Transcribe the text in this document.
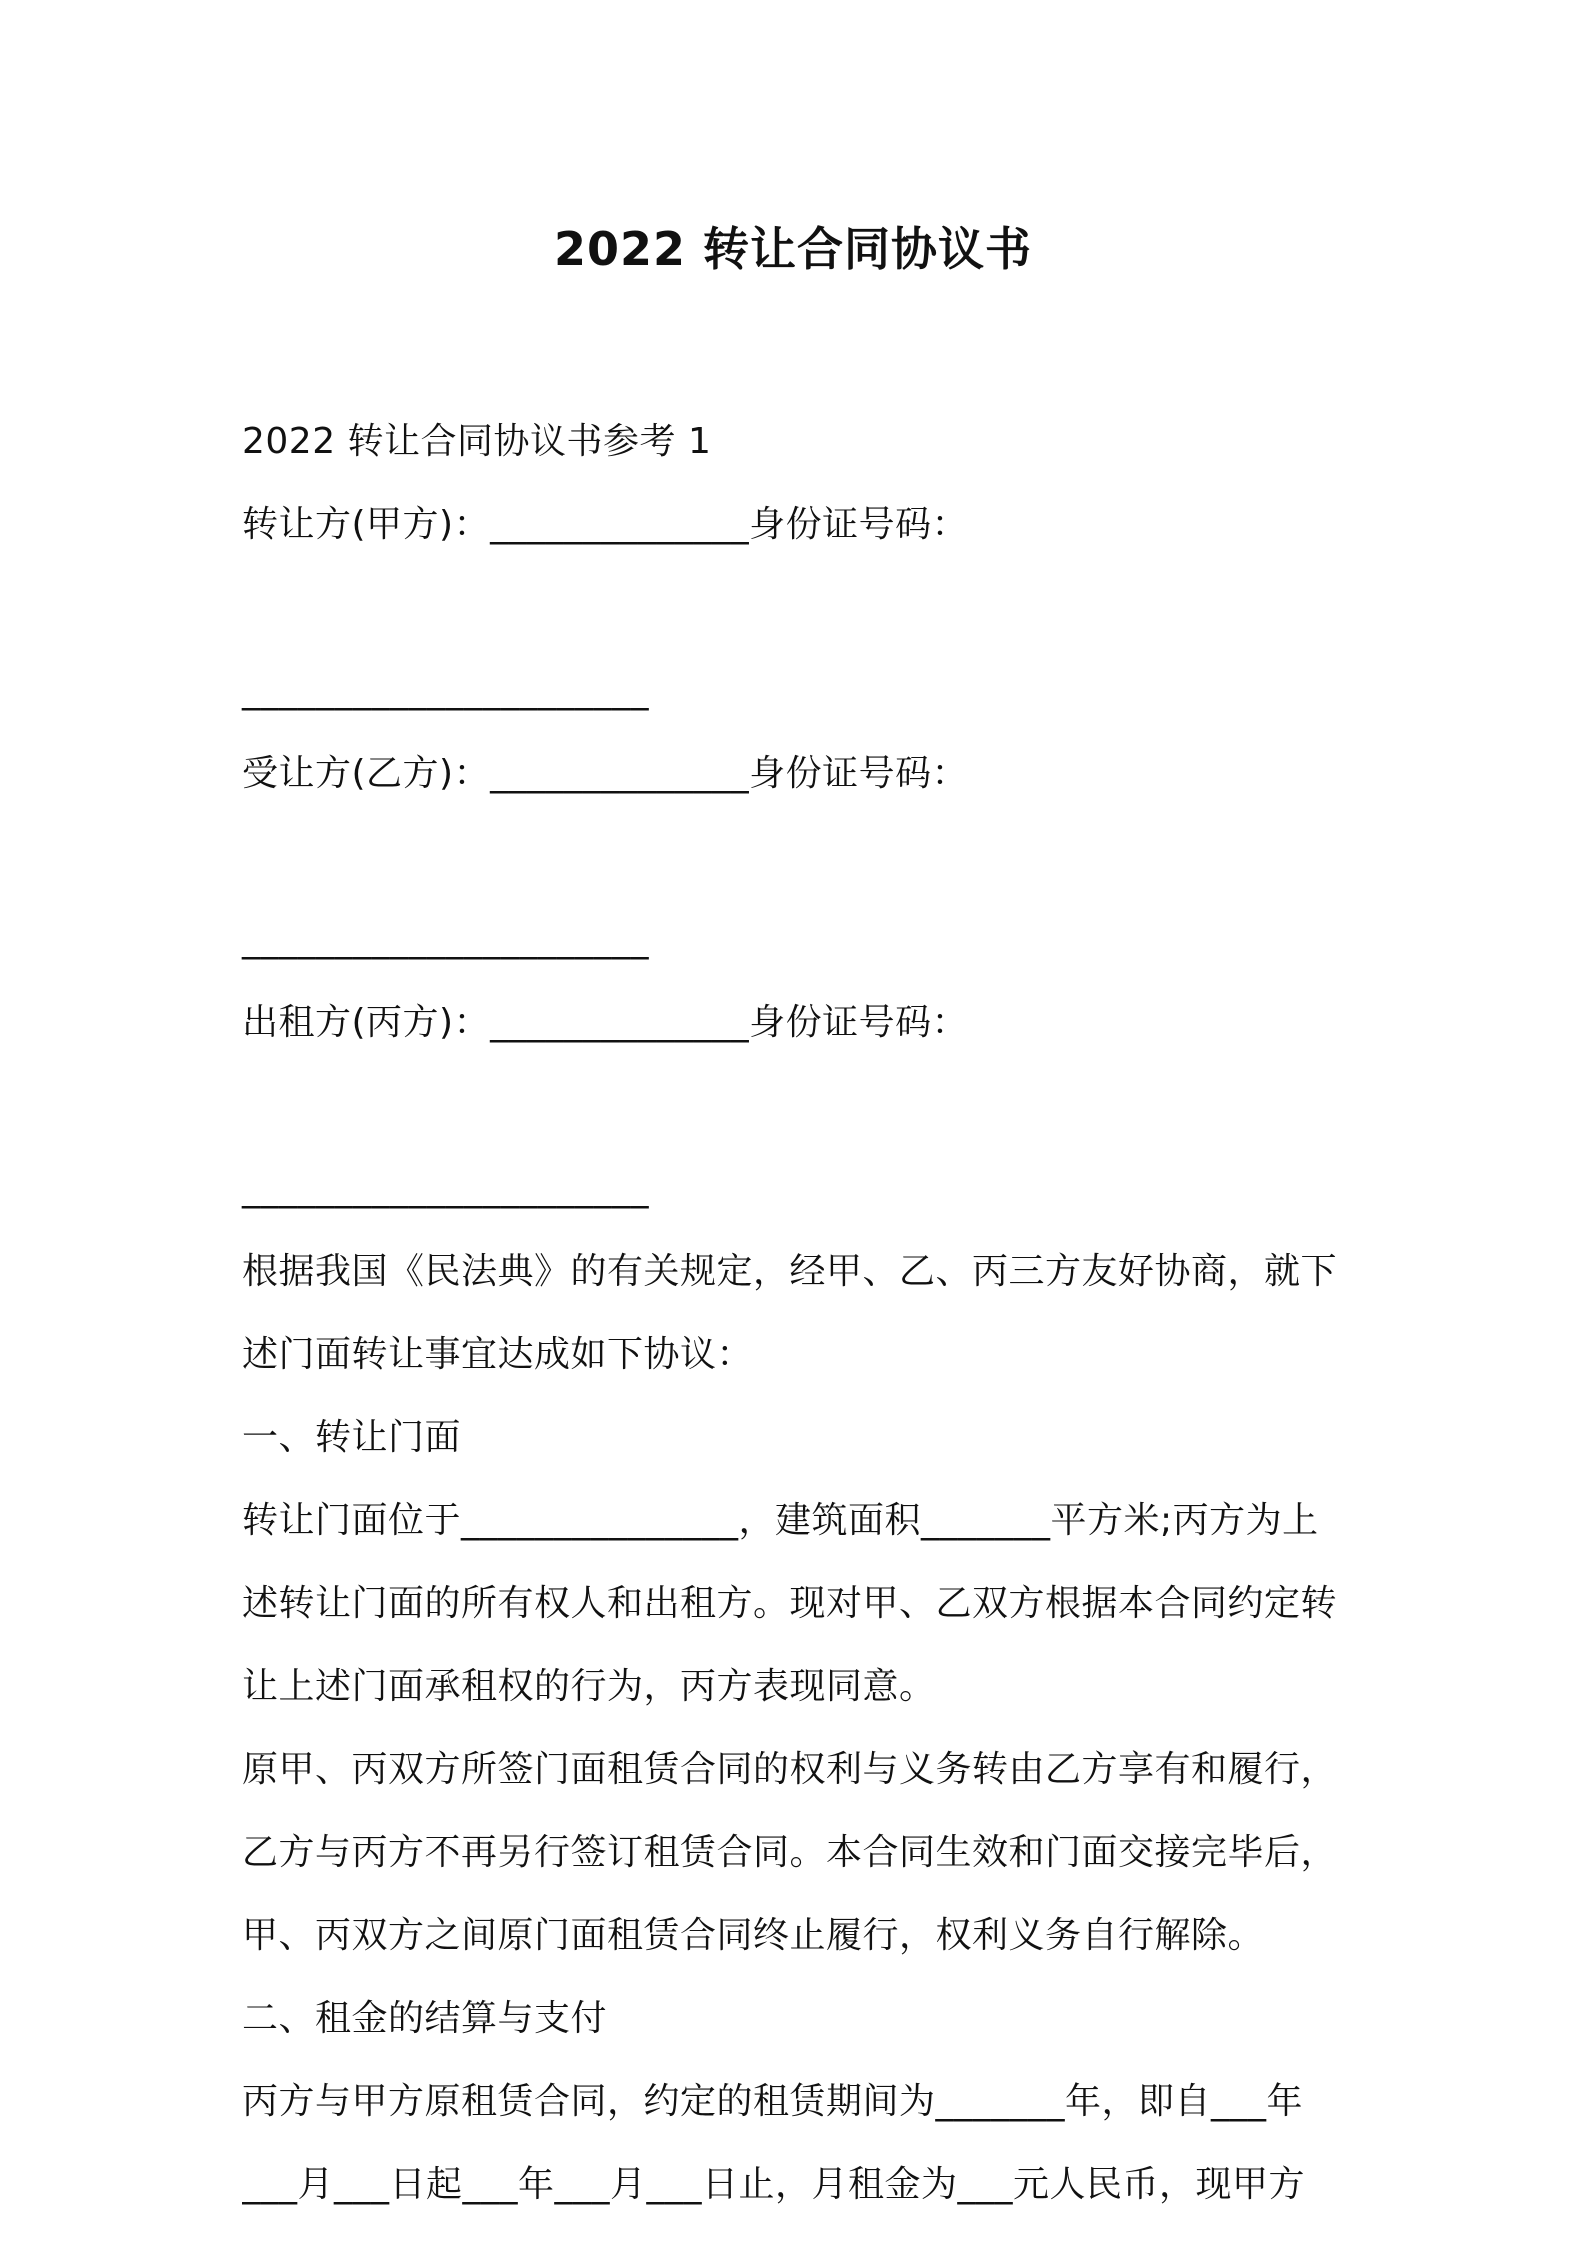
2022 转让合同协议书
2022 转让合同协议书参考 1
转让方(甲方)：______________身份证号码：
______________________
受让方(乙方)：______________身份证号码：
______________________
出租方(丙方)：______________身份证号码：
______________________
根据我国《民法典》的有关规定，经甲、乙、丙三方友好协商，就下
述门面转让事宜达成如下协议：
一、转让门面
转让门面位于_______________，建筑面积_______平方米;丙方为上
述转让门面的所有权人和出租方。现对甲、乙双方根据本合同约定转
让上述门面承租权的行为，丙方表现同意。
原甲、丙双方所签门面租赁合同的权利与义务转由乙方享有和履行，
乙方与丙方不再另行签订租赁合同。本合同生效和门面交接完毕后，
甲、丙双方之间原门面租赁合同终止履行，权利义务自行解除。
二、租金的结算与支付
丙方与甲方原租赁合同，约定的租赁期间为_______年，即自___年
___月___日起___年___月___日止，月租金为___元人民币，现甲方
